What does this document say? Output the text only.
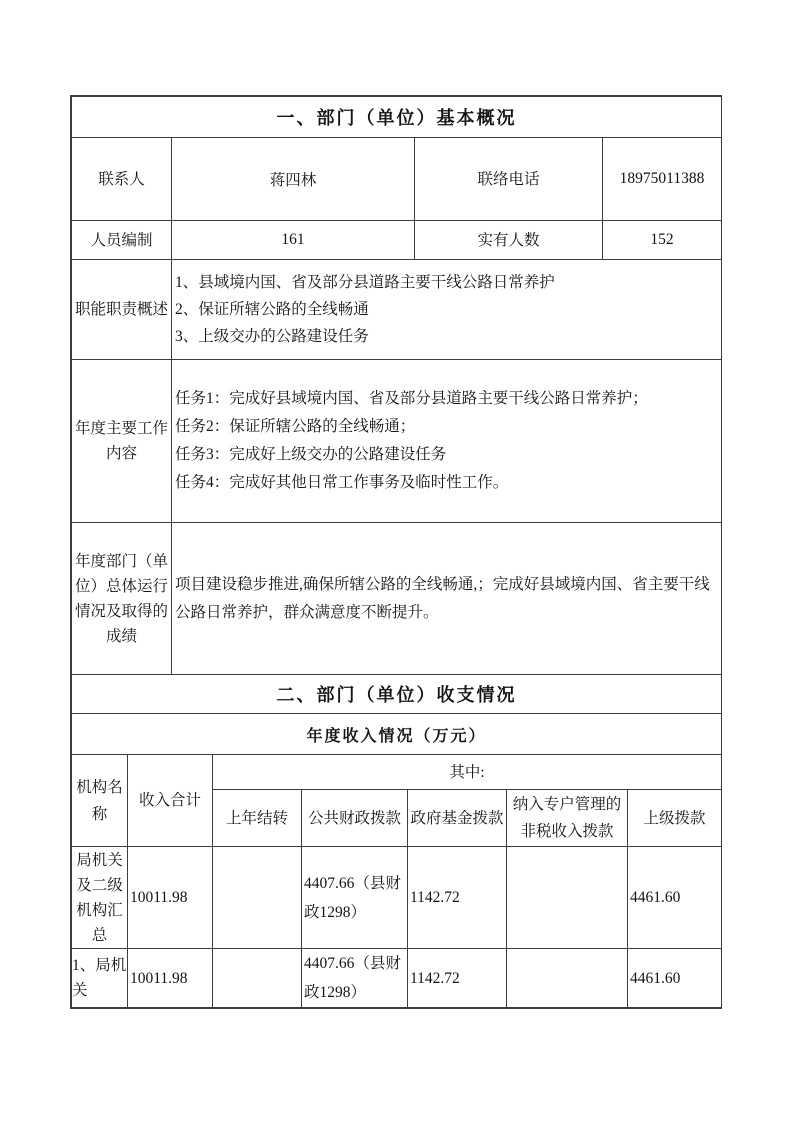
一、部门（单位）基本概况			
联系人	蒋四林	联络电话	18975011388
人员编制	161	实有人数	152
职能职责概述	1、县域境内国、省及部分县道路主要干线公路日常养护
2、保证所辖公路的全线畅通
3、上级交办的公路建设任务

年度主要工作内容	任务1：完成好县域境内国、省及部分县道路主要干线公路日常养护；
任务2：保证所辖公路的全线畅通；
任务3：完成好上级交办的公路建设任务
任务4：完成好其他日常工作事务及临时性工作。

年度部门（单位）总体运行情况及取得的成绩	项目建设稳步推进,确保所辖公路的全线畅通,；完成好县域境内国、省主要干线公路日常养护，群众满意度不断提升。
二、部门（单位）收支情况						
年度收入情况（万元）						
机构名称	收入合计	其中:				
		上年结转	公共财政拨款	政府基金拨款	纳入专户管理的非税收入拨款	上级拨款
局机关及二级机构汇总	10011.98		4407.66（县财政1298）	1142.72		4461.60
1、局机关	10011.98		4407.66（县财政1298）	1142.72		4461.60
